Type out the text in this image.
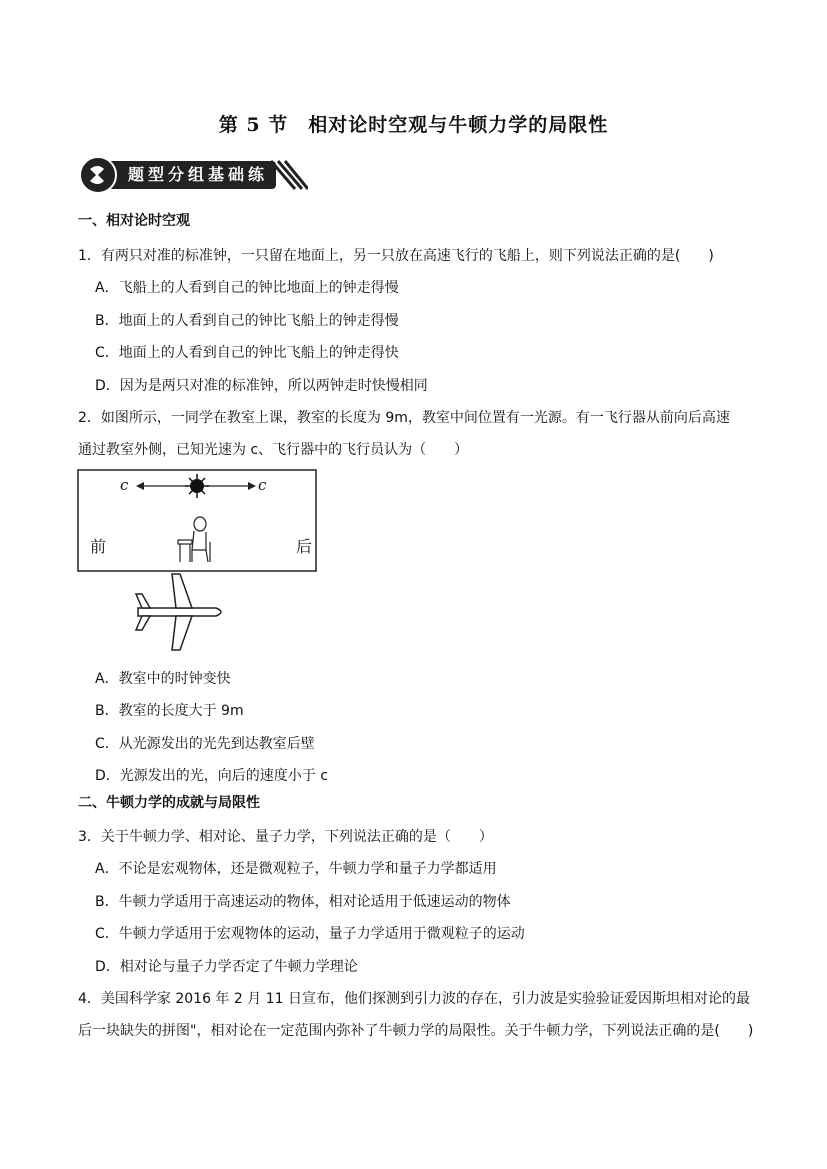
第 5 节　相对论时空观与牛顿力学的局限性
题型分组基础练
一、相对论时空观
1．有两只对准的标准钟，一只留在地面上，另一只放在高速飞行的飞船上，则下列说法正确的是(　　)
A．飞船上的人看到自己的钟比地面上的钟走得慢
B．地面上的人看到自己的钟比飞船上的钟走得慢
C．地面上的人看到自己的钟比飞船上的钟走得快
D．因为是两只对准的标准钟，所以两钟走时快慢相同
2．如图所示，一同学在教室上课，教室的长度为 9m，教室中间位置有一光源。有一飞行器从前向后高速
通过教室外侧，已知光速为 c、飞行器中的飞行员认为（　　）
c	c
前	后
A．教室中的时钟变快
B．教室的长度大于 9m
C．从光源发出的光先到达教室后壁
D．光源发出的光，向后的速度小于 c
二、牛顿力学的成就与局限性
3．关于牛顿力学、相对论、量子力学，下列说法正确的是（　　）
A．不论是宏观物体，还是微观粒子，牛顿力学和量子力学都适用
B．牛顿力学适用于高速运动的物体，相对论适用于低速运动的物体
C．牛顿力学适用于宏观物体的运动，量子力学适用于微观粒子的运动
D．相对论与量子力学否定了牛顿力学理论
4．美国科学家 2016 年 2 月 11 日宣布，他们探测到引力波的存在，引力波是实验验证爱因斯坦相对论的最
后一块缺失的拼图"，相对论在一定范围内弥补了牛顿力学的局限性。关于牛顿力学，下列说法正确的是(　　)
